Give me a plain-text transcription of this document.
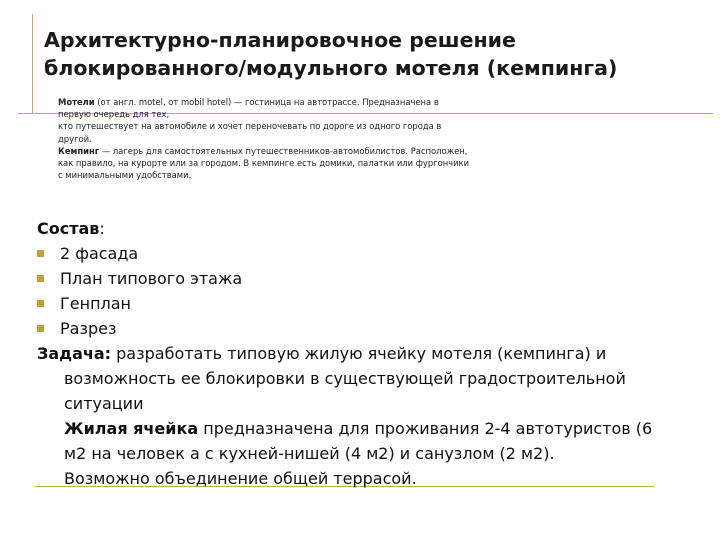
Архитектурно-планировочное решение
блокированного/модульного мотеля (кемпинга)
Мотели (от англ. motel, от mobil hotel) — гостиница на автотрассе. Предназначена в
первую очередь для тех,
кто путешествует на автомобиле и хочет переночевать по дороге из одного города в
другой.
Кемпинг — лагерь для самостоятельных путешественников-автомобилистов. Расположен,
как правило, на курорте или за городом. В кемпинге есть домики, палатки или фургончики
с минимальными удобствами.
Состав:
2 фасада
План типового этажа
Генплан
Разрез
Задача: разработать типовую жилую ячейку мотеля (кемпинга) и
возможность ее блокировки в существующей градостроительной
ситуации
Жилая ячейка предназначена для проживания 2-4 автотуристов (6
м2 на человек а с кухней-нишей (4 м2) и санузлом (2 м2).
Возможно объединение общей террасой.
